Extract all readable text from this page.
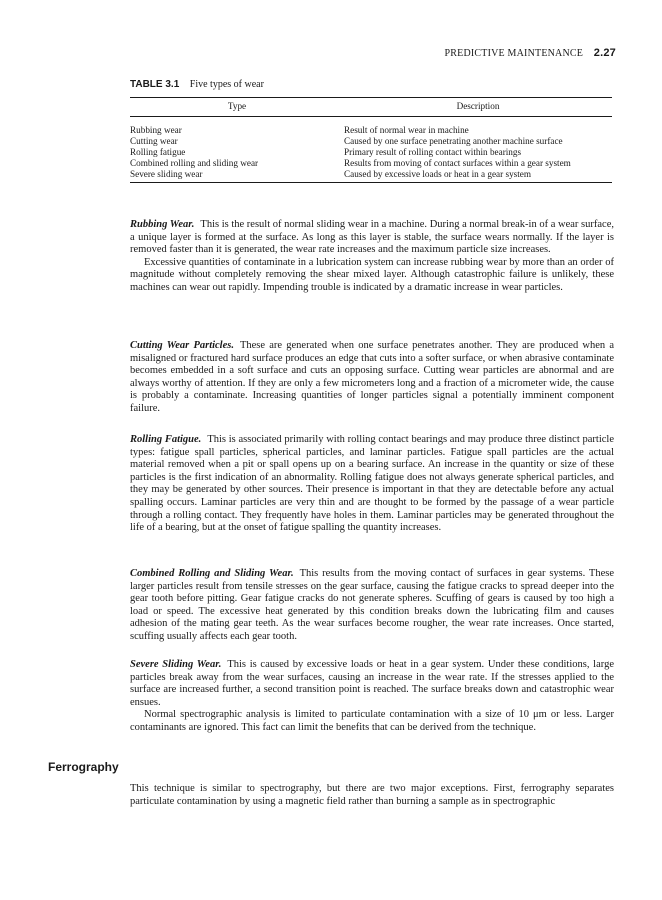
PREDICTIVE MAINTENANCE 2.27
TABLE 3.1 Five types of wear
Type	Description
Rubbing wear	Result of normal wear in machine
Cutting wear	Caused by one surface penetrating another machine surface
Rolling fatigue	Primary result of rolling contact within bearings
Combined rolling and sliding wear	Results from moving of contact surfaces within a gear system
Severe sliding wear	Caused by excessive loads or heat in a gear system

Rubbing Wear. This is the result of normal sliding wear in a machine. During a normal break-in of a wear surface, a unique layer is formed at the surface. As long as this layer is stable, the surface wears normally. If the layer is removed faster than it is generated, the wear rate increases and the maximum particle size increases.

Excessive quantities of contaminate in a lubrication system can increase rubbing wear by more than an order of magnitude without completely removing the shear mixed layer. Although catastrophic failure is unlikely, these machines can wear out rapidly. Impending trouble is indicated by a dramatic increase in wear particles.

Cutting Wear Particles. These are generated when one surface penetrates another. They are produced when a misaligned or fractured hard surface produces an edge that cuts into a softer surface, or when abrasive contaminate becomes embedded in a soft surface and cuts an opposing surface. Cutting wear particles are abnormal and are always worthy of attention. If they are only a few micrometers long and a fraction of a micrometer wide, the cause is probably a contaminate. Increasing quantities of longer particles signal a potentially imminent component failure.

Rolling Fatigue. This is associated primarily with rolling contact bearings and may produce three distinct particle types: fatigue spall particles, spherical particles, and laminar particles. Fatigue spall particles are the actual material removed when a pit or spall opens up on a bearing surface. An increase in the quantity or size of these particles is the first indication of an abnormality. Rolling fatigue does not always generate spherical particles, and they may be generated by other sources. Their presence is important in that they are detectable before any actual spalling occurs. Laminar particles are very thin and are thought to be formed by the passage of a wear particle through a rolling contact. They frequently have holes in them. Laminar particles may be generated throughout the life of a bearing, but at the onset of fatigue spalling the quantity increases.

Combined Rolling and Sliding Wear. This results from the moving contact of surfaces in gear systems. These larger particles result from tensile stresses on the gear surface, causing the fatigue cracks to spread deeper into the gear tooth before pitting. Gear fatigue cracks do not generate spheres. Scuffing of gears is caused by too high a load or speed. The excessive heat generated by this condition breaks down the lubricating film and causes adhesion of the mating gear teeth. As the wear surfaces become rougher, the wear rate increases. Once started, scuffing usually affects each gear tooth.

Severe Sliding Wear. This is caused by excessive loads or heat in a gear system. Under these conditions, large particles break away from the wear surfaces, causing an increase in the wear rate. If the stresses applied to the surface are increased further, a second transition point is reached. The surface breaks down and catastrophic wear ensues.

Normal spectrographic analysis is limited to particulate contamination with a size of 10 μm or less. Larger contaminants are ignored. This fact can limit the benefits that can be derived from the technique.

Ferrography

This technique is similar to spectrography, but there are two major exceptions. First, ferrography separates particulate contamination by using a magnetic field rather than burning a sample as in spectrographic
